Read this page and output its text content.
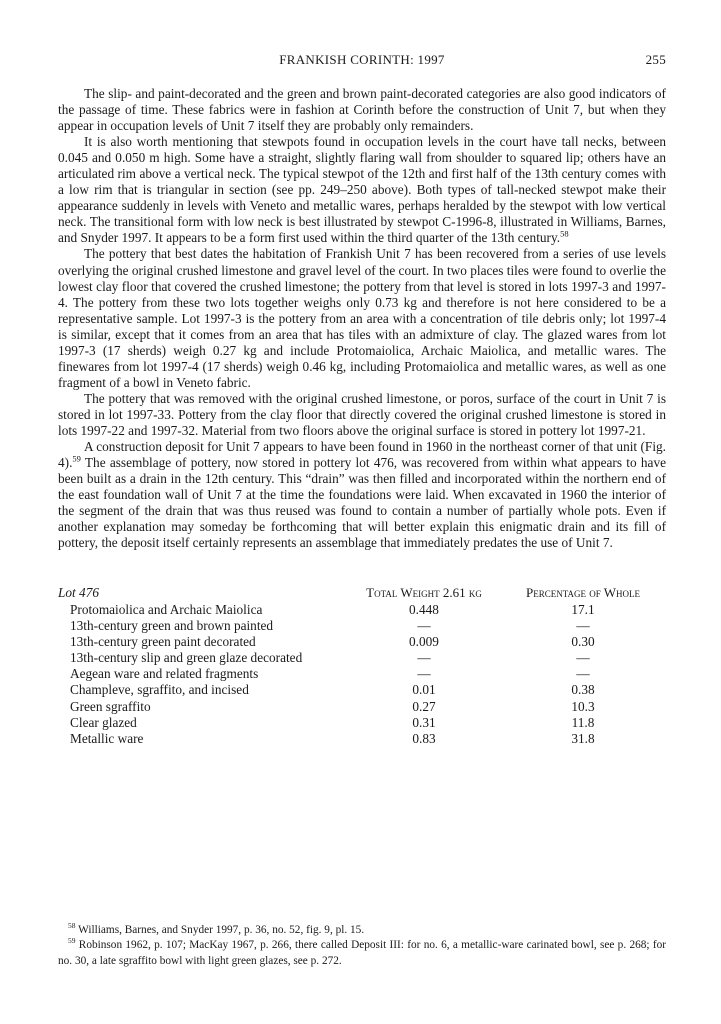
FRANKISH CORINTH: 1997	255

The slip- and paint-decorated and the green and brown paint-decorated categories are also good indicators of the passage of time. These fabrics were in fashion at Corinth before the construction of Unit 7, but when they appear in occupation levels of Unit 7 itself they are probably only remainders.

It is also worth mentioning that stewpots found in occupation levels in the court have tall necks, between 0.045 and 0.050 m high. Some have a straight, slightly flaring wall from shoulder to squared lip; others have an articulated rim above a vertical neck. The typical stewpot of the 12th and first half of the 13th century comes with a low rim that is triangular in section (see pp. 249–250 above). Both types of tall-necked stewpot make their appearance suddenly in levels with Veneto and metallic wares, perhaps heralded by the stewpot with low vertical neck. The transitional form with low neck is best illustrated by stewpot C-1996-8, illustrated in Williams, Barnes, and Snyder 1997. It appears to be a form first used within the third quarter of the 13th century.$^{58}$

The pottery that best dates the habitation of Frankish Unit 7 has been recovered from a series of use levels overlying the original crushed limestone and gravel level of the court. In two places tiles were found to overlie the lowest clay floor that covered the crushed limestone; the pottery from that level is stored in lots 1997-3 and 1997-4. The pottery from these two lots together weighs only 0.73 kg and therefore is not here considered to be a representative sample. Lot 1997-3 is the pottery from an area with a concentration of tile debris only; lot 1997-4 is similar, except that it comes from an area that has tiles with an admixture of clay. The glazed wares from lot 1997-3 (17 sherds) weigh 0.27 kg and include Protomaiolica, Archaic Maiolica, and metallic wares. The finewares from lot 1997-4 (17 sherds) weigh 0.46 kg, including Protomaiolica and metallic wares, as well as one fragment of a bowl in Veneto fabric.

The pottery that was removed with the original crushed limestone, or poros, surface of the court in Unit 7 is stored in lot 1997-33. Pottery from the clay floor that directly covered the original crushed limestone is stored in lots 1997-22 and 1997-32. Material from two floors above the original surface is stored in pottery lot 1997-21.

A construction deposit for Unit 7 appears to have been found in 1960 in the northeast corner of that unit (Fig. 4).$^{59}$ The assemblage of pottery, now stored in pottery lot 476, was recovered from within what appears to have been built as a drain in the 12th century. This “drain” was then filled and incorporated within the northern end of the east foundation wall of Unit 7 at the time the foundations were laid. When excavated in 1960 the interior of the segment of the drain that was thus reused was found to contain a number of partially whole pots. Even if another explanation may someday be forthcoming that will better explain this enigmatic drain and its fill of pottery, the deposit itself certainly represents an assemblage that immediately predates the use of Unit 7.

Lot 476	Total Weight 2.61 kg	Percentage of Whole
Protomaiolica and Archaic Maiolica	0.448	17.1
13th-century green and brown painted	—	—
13th-century green paint decorated	0.009	0.30
13th-century slip and green glaze decorated	—	—
Aegean ware and related fragments	—	—
Champleve, sgraffito, and incised	0.01	0.38
Green sgraffito	0.27	10.3
Clear glazed	0.31	11.8
Metallic ware	0.83	31.8

$^{58}$ Williams, Barnes, and Snyder 1997, p. 36, no. 52, fig. 9, pl. 15.

$^{59}$ Robinson 1962, p. 107; MacKay 1967, p. 266, there called Deposit III: for no. 6, a metallic-ware carinated bowl, see p. 268; for no. 30, a late sgraffito bowl with light green glazes, see p. 272.
